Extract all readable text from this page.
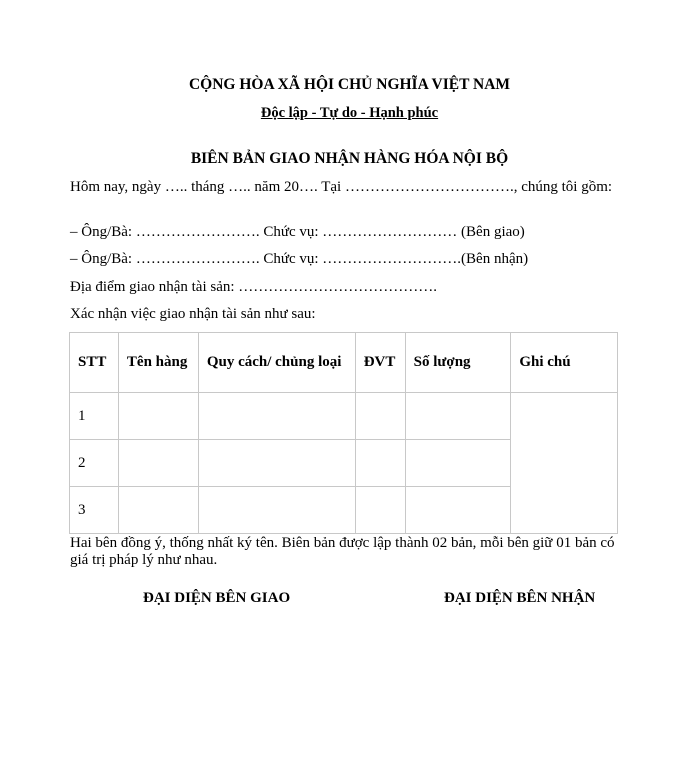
CỘNG HÒA XÃ HỘI CHỦ NGHĨA VIỆT NAM
Độc lập - Tự do - Hạnh phúc
BIÊN BẢN GIAO NHẬN HÀNG HÓA NỘI BỘ
Hôm nay, ngày ….. tháng ….. năm 20…. Tại ……………………………., chúng tôi gồm:
– Ông/Bà: ……………………. Chức vụ: ……………………… (Bên giao)
– Ông/Bà: ……………………. Chức vụ: ……………………….(Bên nhận)
Địa điểm giao nhận tài sản: ………………………………….
Xác nhận việc giao nhận tài sản như sau:
STT	Tên hàng	Quy cách/ chủng loại	ĐVT	Số lượng	Ghi chú
1					
2					
3					
Hai bên đồng ý, thống nhất ký tên. Biên bản được lập thành 02 bản, mỗi bên giữ 01 bản có giá trị pháp lý như nhau.
ĐẠI DIỆN BÊN GIAO	ĐẠI DIỆN BÊN NHẬN
